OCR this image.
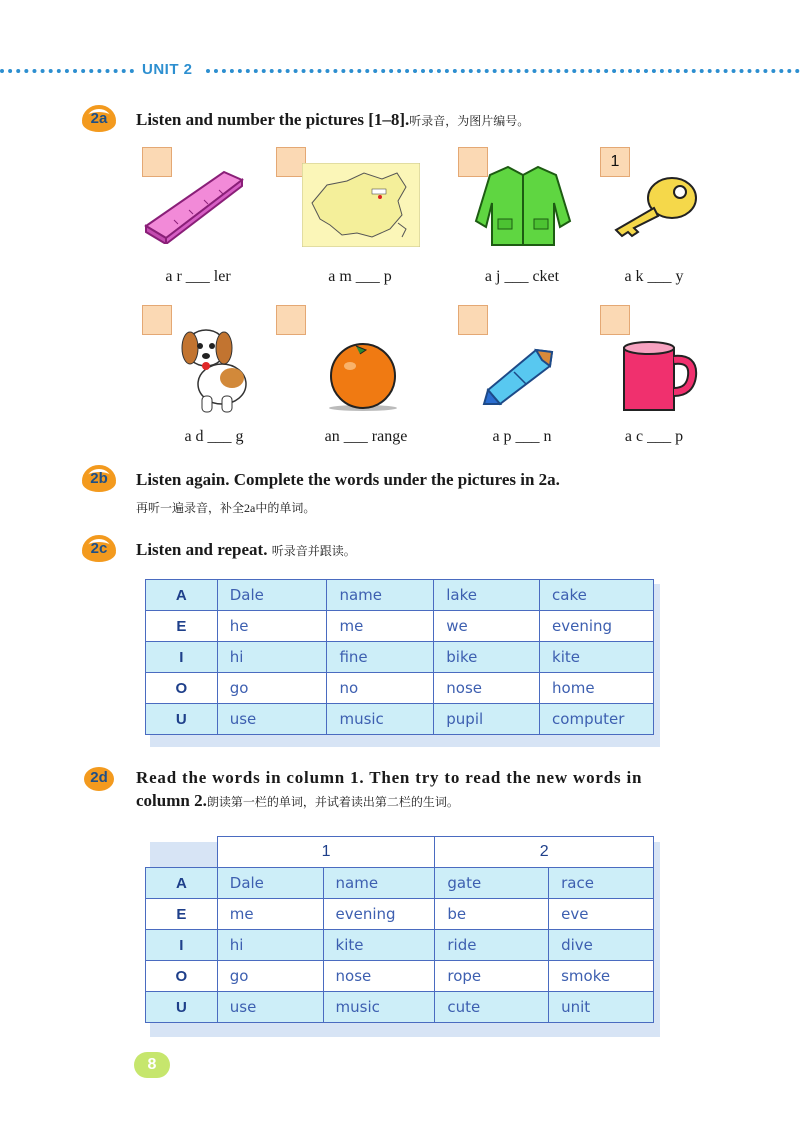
UNIT 2
2a	Listen and number the pictures [1–8].听录音，为图片编号。
1
a r ___ ler	a m ___ p	a j ___ cket	a k ___ y
a d ___ g	an ___ range	a p ___ n	a c ___ p
2b	Listen again. Complete the words under the pictures in 2a.
再听一遍录音，补全2a中的单词。
2c	Listen and repeat. 听录音并跟读。
A	Dale	name	lake	cake
E	he	me	we	evening
I	hi	fine	bike	kite
O	go	no	nose	home
U	use	music	pupil	computer
2d	Read the words in column 1. Then try to read the new words in
column 2.朗读第一栏的单词，并试着读出第二栏的生词。
	1		2	
A	Dale	name	gate	race
E	me	evening	be	eve
I	hi	kite	ride	dive
O	go	nose	rope	smoke
U	use	music	cute	unit
8
